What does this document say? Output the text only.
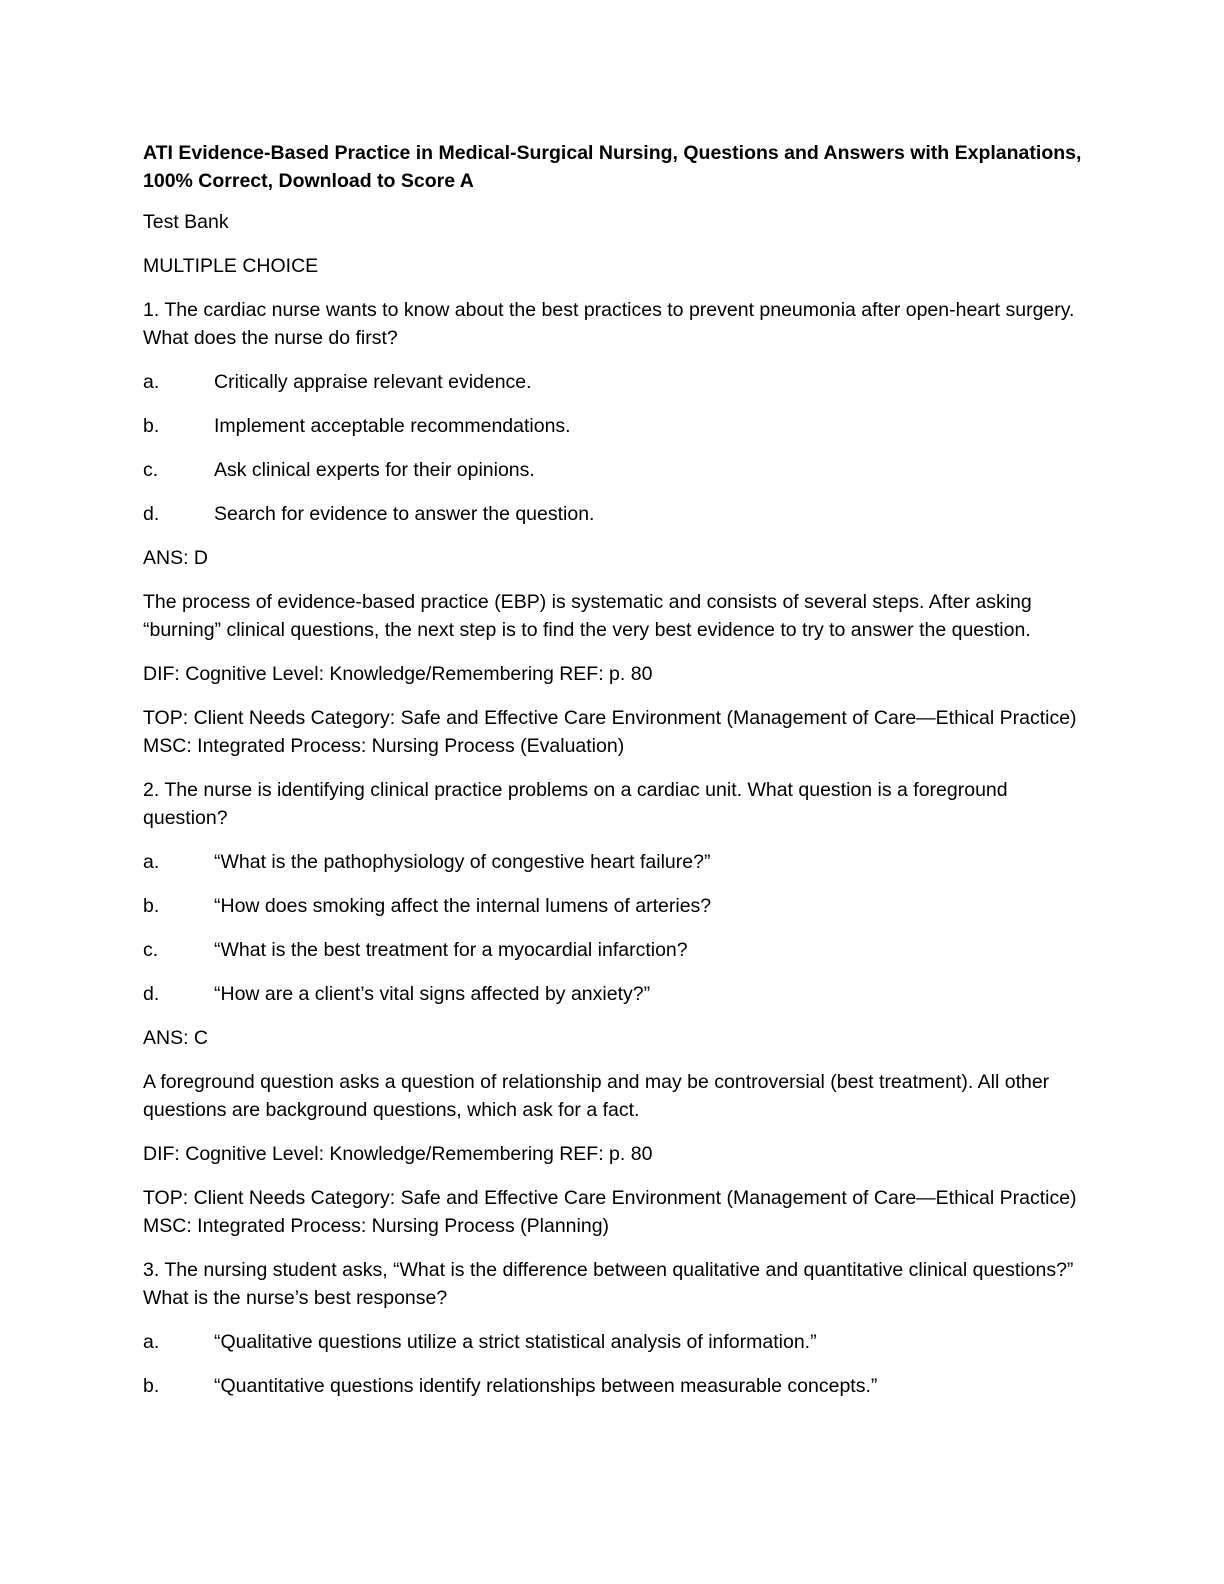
ATI Evidence-Based Practice in Medical-Surgical Nursing, Questions and Answers with Explanations, 100% Correct, Download to Score A

Test Bank

MULTIPLE CHOICE

1. The cardiac nurse wants to know about the best practices to prevent pneumonia after open-heart surgery. What does the nurse do first?

a.	Critically appraise relevant evidence.
b.	Implement acceptable recommendations.
c.	Ask clinical experts for their opinions.
d.	Search for evidence to answer the question.

ANS: D

The process of evidence-based practice (EBP) is systematic and consists of several steps. After asking “burning” clinical questions, the next step is to find the very best evidence to try to answer the question.

DIF: Cognitive Level: Knowledge/Remembering REF: p. 80

TOP: Client Needs Category: Safe and Effective Care Environment (Management of Care—Ethical Practice) MSC: Integrated Process: Nursing Process (Evaluation)

2. The nurse is identifying clinical practice problems on a cardiac unit. What question is a foreground question?

a.	“What is the pathophysiology of congestive heart failure?”
b.	“How does smoking affect the internal lumens of arteries?
c.	“What is the best treatment for a myocardial infarction?
d.	“How are a client’s vital signs affected by anxiety?”

ANS: C

A foreground question asks a question of relationship and may be controversial (best treatment). All other questions are background questions, which ask for a fact.

DIF: Cognitive Level: Knowledge/Remembering REF: p. 80

TOP: Client Needs Category: Safe and Effective Care Environment (Management of Care—Ethical Practice) MSC: Integrated Process: Nursing Process (Planning)

3. The nursing student asks, “What is the difference between qualitative and quantitative clinical questions?” What is the nurse’s best response?

a.	“Qualitative questions utilize a strict statistical analysis of information.”
b.	“Quantitative questions identify relationships between measurable concepts.”
